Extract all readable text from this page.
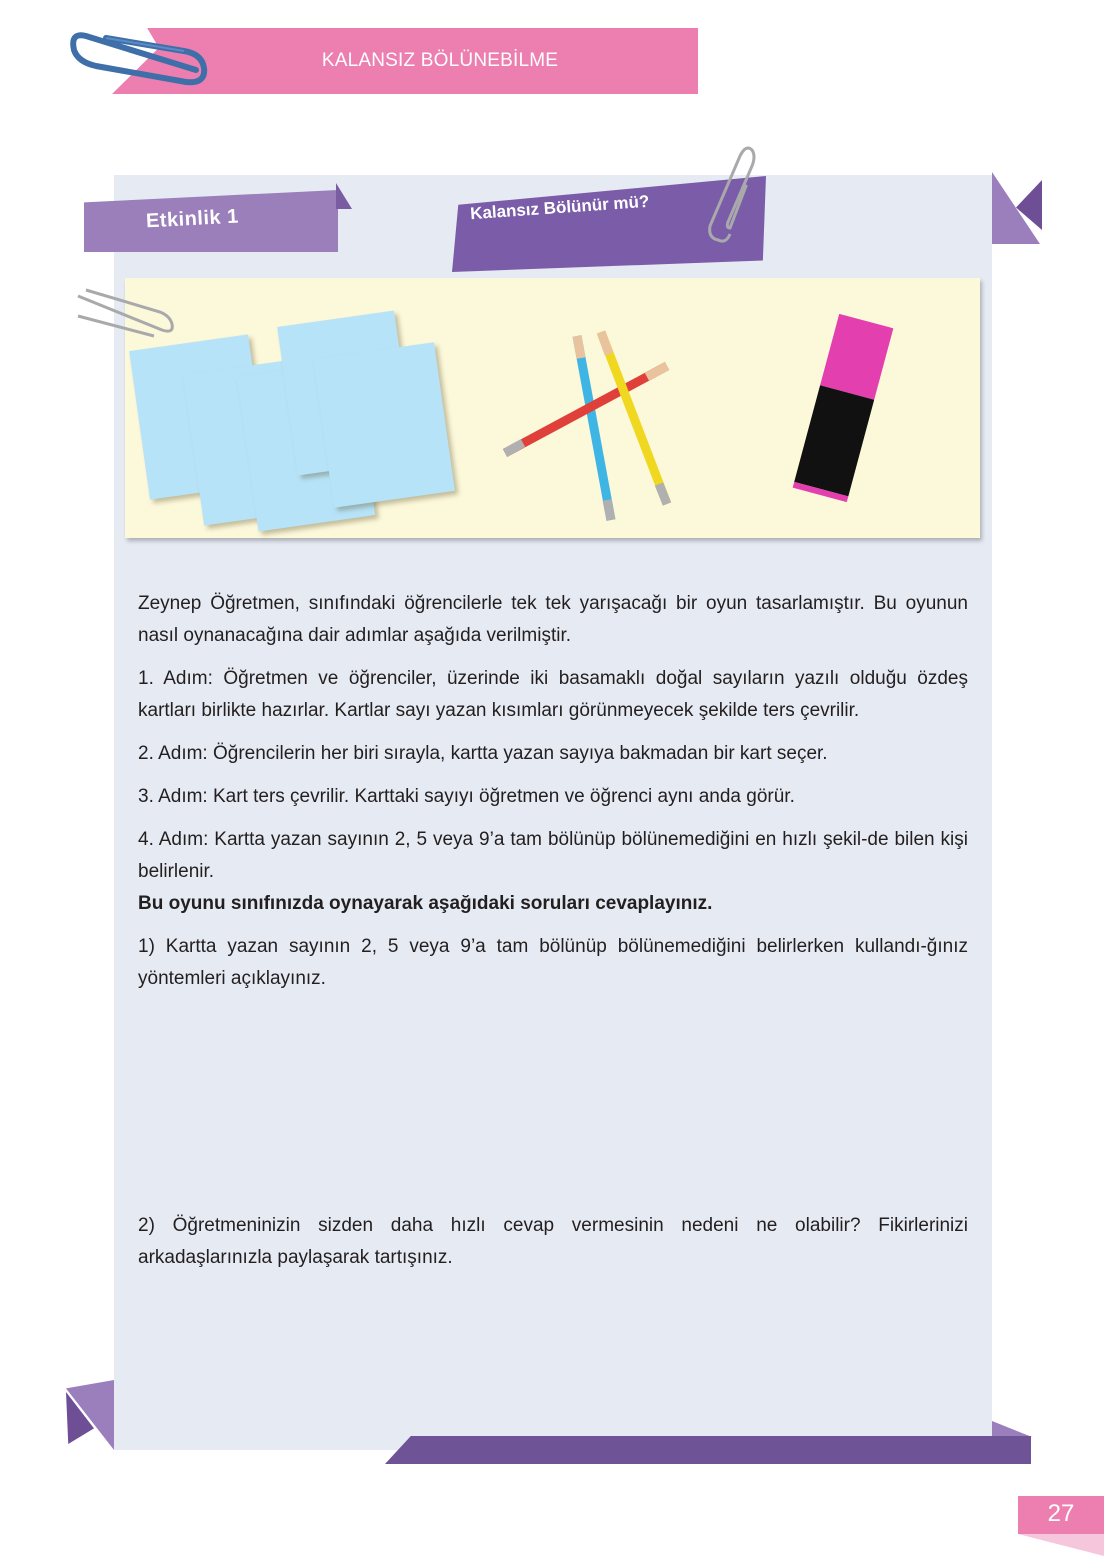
KALANSIZ BÖLÜNEBİLME
Etkinlik 1	Kalansız Bölünür mü?

Zeynep Öğretmen, sınıfındaki öğrencilerle tek tek yarışacağı bir oyun tasarlamıştır. Bu oyunun nasıl oynanacağına dair adımlar aşağıda verilmiştir.

1. Adım: Öğretmen ve öğrenciler, üzerinde iki basamaklı doğal sayıların yazılı olduğu özdeş kartları birlikte hazırlar. Kartlar sayı yazan kısımları görünmeyecek şekilde ters çevrilir.

2. Adım: Öğrencilerin her biri sırayla, kartta yazan sayıya bakmadan bir kart seçer.

3. Adım: Kart ters çevrilir. Karttaki sayıyı öğretmen ve öğrenci aynı anda görür.

4. Adım: Kartta yazan sayının 2, 5 veya 9’a tam bölünüp bölünemediğini en hızlı şekil-de bilen kişi belirlenir.

Bu oyunu sınıfınızda oynayarak aşağıdaki soruları cevaplayınız.

1) Kartta yazan sayının 2, 5 veya 9’a tam bölünüp bölünemediğini belirlerken kullandı-ğınız yöntemleri açıklayınız.

2) Öğretmeninizin sizden daha hızlı cevap vermesinin nedeni ne olabilir? Fikirlerinizi arkadaşlarınızla paylaşarak tartışınız.

27
